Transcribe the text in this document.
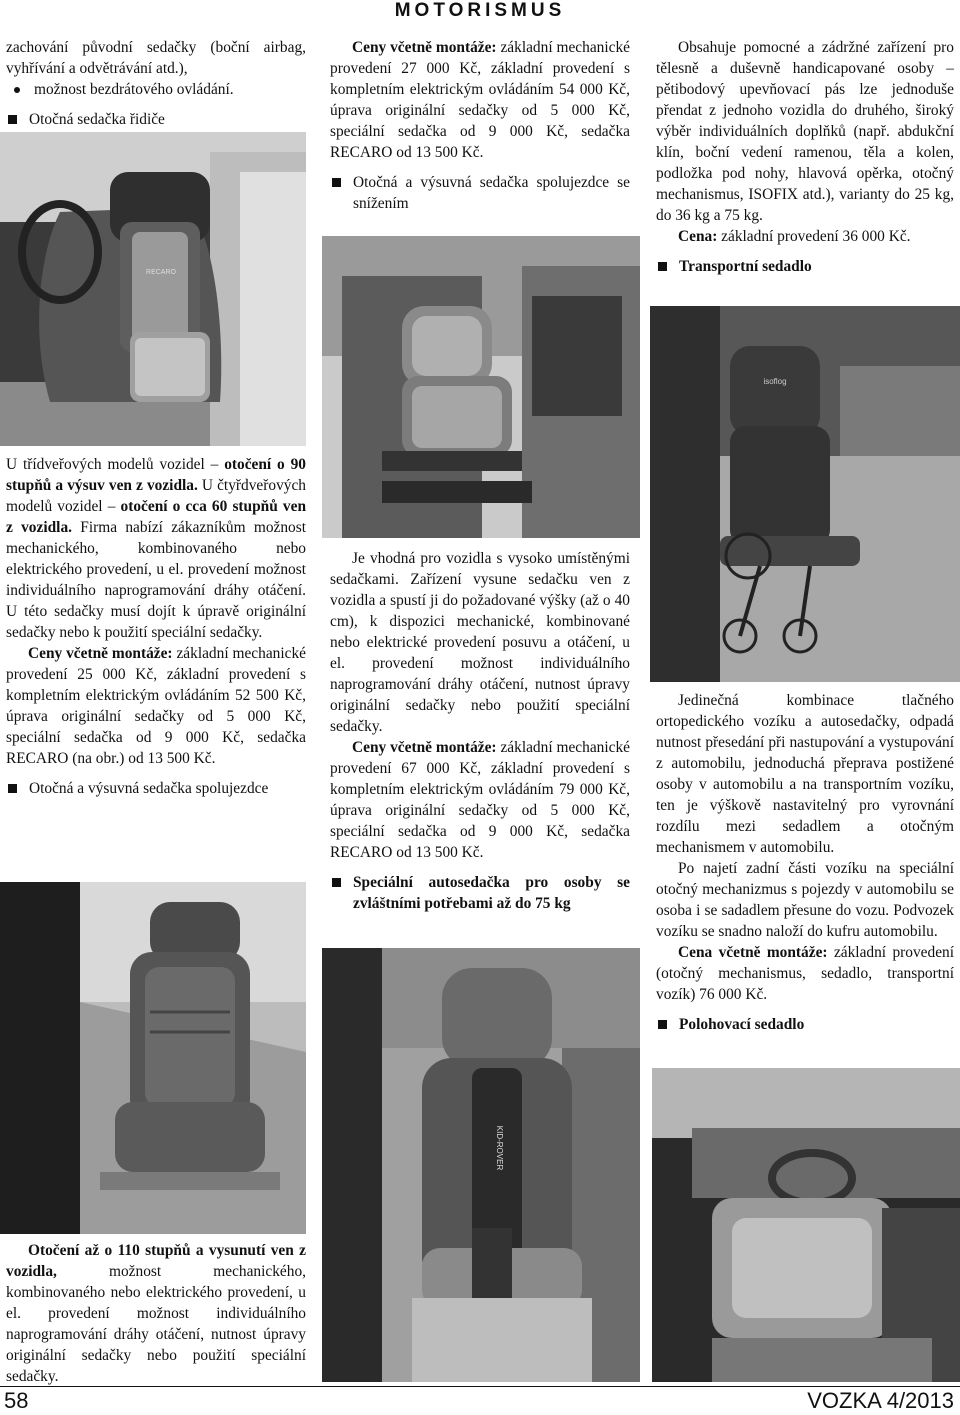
MOTORISMUS

zachování původní sedačky (boční airbag, vyhřívání a odvětrávání atd.),

možnost bezdrátového ovládání.
Otočná sedačka řidiče
RECARO

U třídveřových modelů vozidel – otočení o 90 stupňů a výsuv ven z vozidla. U čtyřdveřových modelů vozidel – otočení o cca 60 stupňů ven z vozidla. Firma nabízí zákazníkům možnost mechanického, kombinovaného nebo elektrického provedení, u el. provedení možnost individuálního naprogramování dráhy otáčení. U této sedačky musí dojít k úpravě originální sedačky nebo k použití speciální sedačky.

Ceny včetně montáže: základní mechanické provedení 25 000 Kč, základní provedení s kompletním elektrickým ovládáním 52 500 Kč, úprava originální sedačky od 5 000 Kč, speciální sedačka od 9 000 Kč, sedačka RECARO (na obr.) od 13 500 Kč.

Otočná a výsuvná sedačka spolujezdce

Otočení až o 110 stupňů a vysunutí ven z vozidla, možnost mechanického, kombinovaného nebo elektrického provedení, u el. provedení možnost individuálního naprogramování dráhy otáčení, nutnost úpravy originální sedačky nebo použití speciální sedačky.

Ceny včetně montáže: základní mechanické provedení 27 000 Kč, základní provedení s kompletním elektrickým ovládáním 54 000 Kč, úprava originální sedačky od 5 000 Kč, speciální sedačka od 9 000 Kč, sedačka RECARO od 13 500 Kč.

Otočná a výsuvná sedačka spolujezdce se snížením

Je vhodná pro vozidla s vysoko umístěnými sedačkami. Zařízení vysune sedačku ven z vozidla a spustí ji do požadované výšky (až o 40 cm), k dispozici mechanické, kombinované nebo elektrické provedení posuvu a otáčení, u el. provedení možnost individuálního naprogramování dráhy otáčení, nutnost úpravy originální sedačky nebo použití speciální sedačky.

Ceny včetně montáže: základní mechanické provedení 67 000 Kč, základní provedení s kompletním elektrickým ovládáním 79 000 Kč, úprava originální sedačky od 5 000 Kč, speciální sedačka od 9 000 Kč, sedačka RECARO od 13 500 Kč.

Speciální autosedačka pro osoby se zvláštními potřebami až do 75 kg
KID-ROVER

Obsahuje pomocné a zádržné zařízení pro tělesně a duševně handicapované osoby – pětibodový upevňovací pás lze jednoduše přendat z jednoho vozidla do druhého, široký výběr individuálních doplňků (např. abdukční klín, boční vedení ramenou, těla a kolen, podložka pod nohy, hlavová opěrka, otočný mechanismus, ISOFIX atd.), varianty do 25 kg, do 36 kg a 75 kg.

Cena: základní provedení 36 000 Kč.

Transportní sedadlo
isoflog

Jedinečná kombinace tlačného ortopedického vozíku a autosedačky, odpadá nutnost přesedání při nastupování a vystupování z automobilu, jednoduchá přeprava postižené osoby v automobilu a na transportním vozíku, ten je výškově nastavitelný pro vyrovnání rozdílu mezi sedadlem a otočným mechanismem v automobilu.

Po najetí zadní části vozíku na speciální otočný mechanizmus s pojezdy v automobilu se osoba i se sadadlem přesune do vozu. Podvozek vozíku se snadno naloží do kufru automobilu.

Cena včetně montáže: základní provedení (otočný mechanismus, sedadlo, transportní vozík) 76 000 Kč.

Polohovací sedadlo
58	VOZKA 4/2013
